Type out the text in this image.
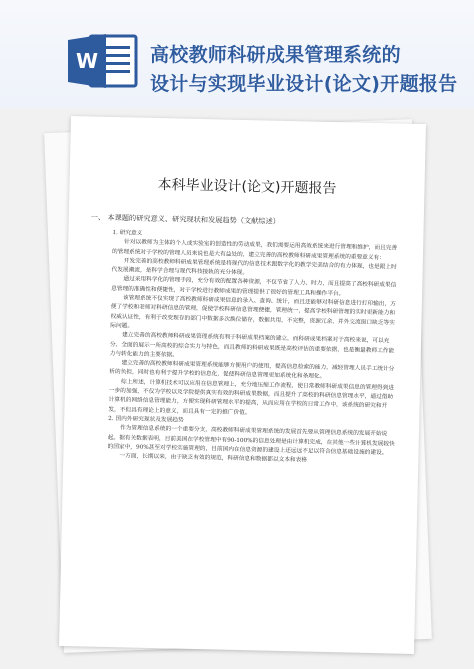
W	高校教师科研成果管理系统的
设计与实现毕业设计(论文)开题报告
本科毕业设计(论文)开题报告

一、 本课题的研究意义、研究现状和发展趋势（文献综述）

1. 研究意义

针对以教师为主体的个人或实验室的创造性的劳动成果，我们需要运用高效系统来进行管理和维护，而且完善的管理系统对于学校的管理人员来说也是大有益处的，建立完善的高校教师科研成果管理系统的重要意义有：

开发完善的高校教师科研成果管理系统是将现代的信息技术跟数字化的教学完美结合的有力体现，也是跟上时代发展潮流，是科学合理与现代科技接轨的充分体现。

通过采用科学化的管理手段，充分有效的配置各种资源，不仅节省了人力、时力，而且提高了高校科研成果信息管理的准确性和便捷性，对于学校进行教师成果的管理提供了很好的管理工具和操作平台。

该管理系统不仅实现了高校教师科研成果信息的录入、查询、统计，而且还能够对科研信息进行打印输出，方便了学校和老师对科研信息的管理，促使学校科研信息管理便捷，管理统一，提高学校科研管理的实时更新能力和权威认证性，有利于改变现存的部门中数据多次换位储存，数据共用，不完整，资源冗余，并外交流窗口缺乏等实际问题。

建立完善的高校教师科研成果管理系统有利于科研成果档案的建立，而科研成果档案对于高校来说，可以充分、全面的展示一所高校的综合实力与特色，而且教师的科研成果既是高校评估的重要依据，也是衡量教师工作能力与转化能力的主要依据。

建立完善的高校教师科研成果管理系统能够方便用户的使用，提高信息检索的能力，减轻管理人员手工统计分析的负担，同时也有利于提升学校的信息化，促使科研信息管理更加系统化和条理化。

综上所述，计算机技术可以应用在信息管理上，充分地压缩工作流程，使日常教师科研成果信息的管理得到进一步的加强，不仅为学校以及学院提供真实有效的科研成果数据，而且提升了高校的科研信息管理水平，通过借助计算机的网络信息管理能力，方便实现科研管理水平的提高，从而应用在学校的日常工作中，该系统的研究和开发，不但具有理论上的意义，而且具有一定的推广价值。

2. 国内外研究现状及发展趋势

作为管理信息系统的一个重要分支，高校教师科研成果管理系统的发展首先要从管理信息系统的发展开始说起。据有关数据表明，目前美国在学校管理中有90-100%的信息处理是由计算机完成，在其他一些计算机发展较快的国家中，90%甚至对学校实施管理的，目前国内在信息资源的建设上还远远不足以符合信息基础设施的建设。

一方面，长期以来，由于缺乏有效的规范，科研信息和数据都以文本和表格
